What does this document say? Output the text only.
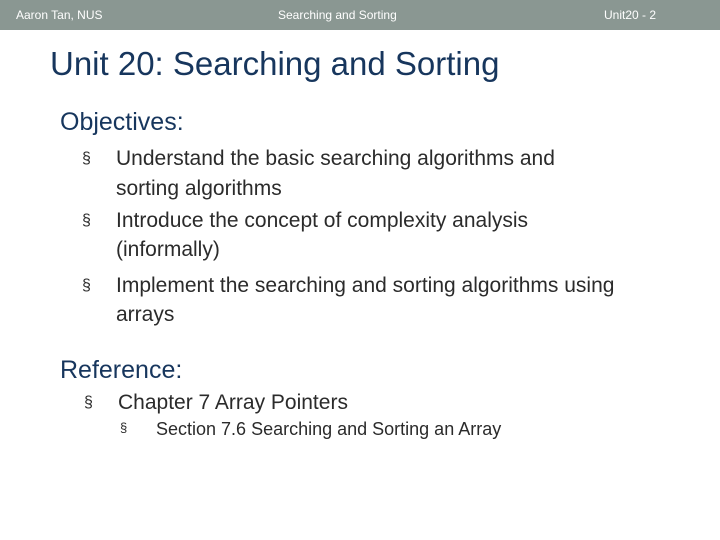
Aaron Tan, NUS	Searching and Sorting	Unit20 - 2
Unit 20: Searching and Sorting
Objectives:
§ Understand the basic searching algorithms and
sorting algorithms
§ Introduce the concept of complexity analysis
(informally)
§ Implement the searching and sorting algorithms using
arrays
Reference:
§ Chapter 7 Array Pointers
§ Section 7.6 Searching and Sorting an Array
